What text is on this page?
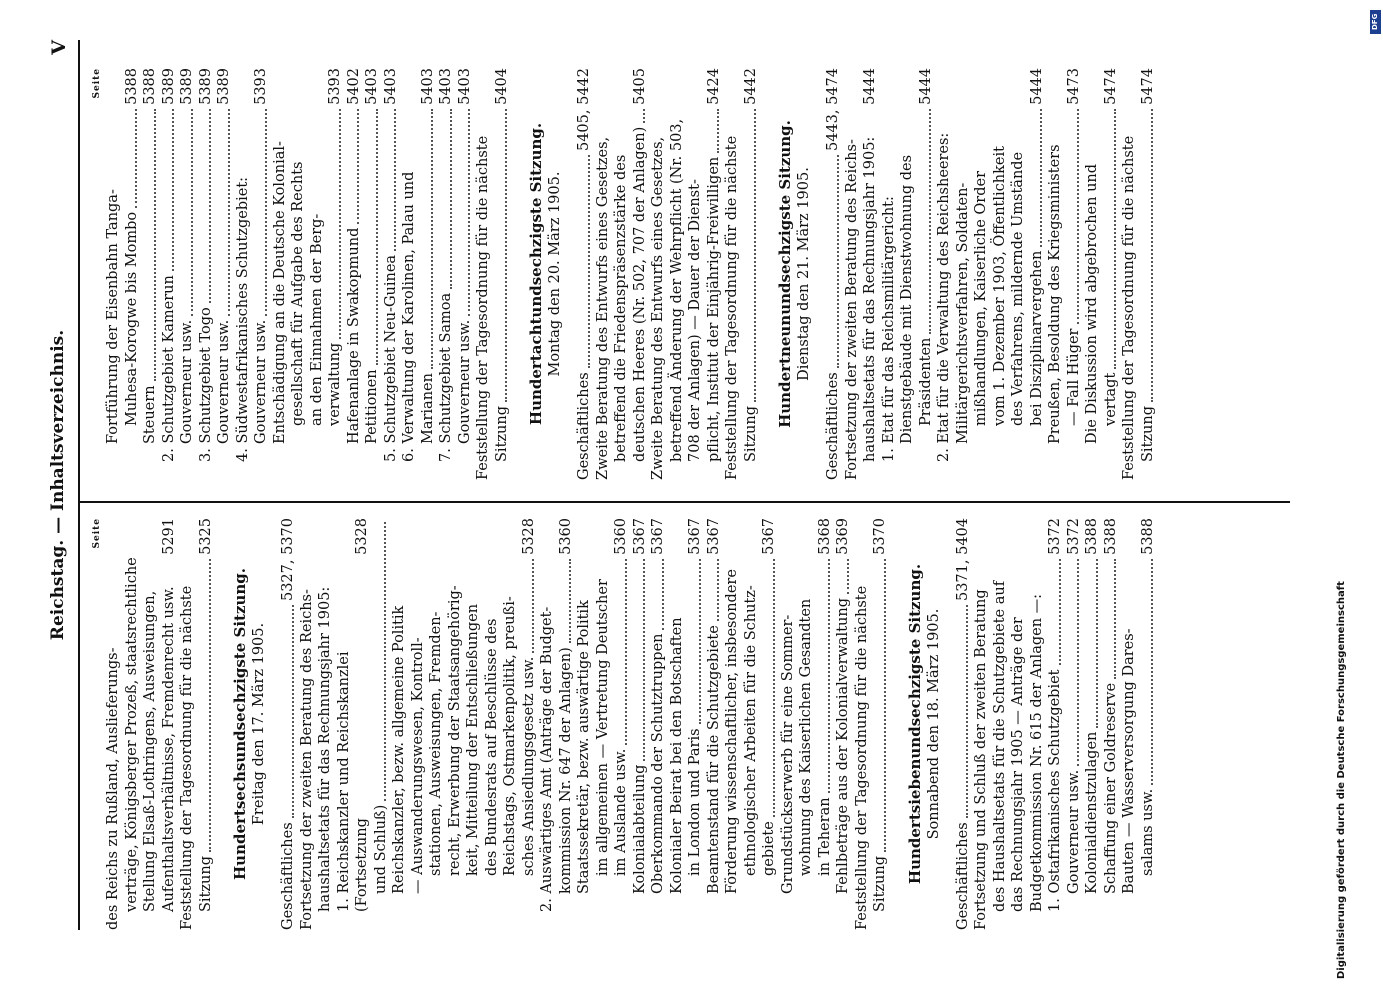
Reichstag. — Inhaltsverzeichnis.
V
Seite
des Reichs zu Rußland, Auslieferungs- verträge, Königsberger Prozeß, staatsrechtliche Stellung Elsaß-Lothringens, Ausweisungen, Aufenthaltsverhältnisse, Fremdenrecht usw.
5291
Feststellung der Tagesordnung für die nächste Sitzung
5325
Hundertsechsundsechzigste Sitzung. Freitag den 17. März 1905.
Geschäftliches
5327, 5370
Fortsetzung der zweiten Beratung des Reichs- haushaltsetats für das Rechnungsjahr 1905: 1. Reichskanzler und Reichskanzlei (Fortsetzung
5328
und Schluß) Reichskanzler, bezw. allgemeine Politik — Auswanderungswesen, Kontroll- stationen, Ausweisungen, Fremden- recht, Erwerbung der Staatsangehörig- keit, Mitteilung der Entschließungen des Bundesrats auf Beschlüsse des Reichstags, Ostmarkenpolitik, preußi- sches Ansiedlungsgesetz usw.
5328
2. Auswärtiges Amt (Anträge der Budget- kommission Nr. 647 der Anlagen)
5360
Staatssekretär, bezw. auswärtige Politik im allgemeinen — Vertretung Deutscher im Auslande usw.
5360
Kolonialabteilung
5367
Oberkommando der Schutztruppen
5367
Kolonialer Beirat bei den Botschaften in London und Paris
5367
Beamtenstand für die Schutzgebiete
5367
Förderung wissenschaftlicher, insbesondere ethnologischer Arbeiten für die Schutz- gebiete
5367
Grundstückserwerb für eine Sommer- wohnung des Kaiserlichen Gesandten in Teheran
5368
Fehlbeträge aus der Kolonialverwaltung
5369
Feststellung der Tagesordnung für die nächste Sitzung
5370
Hundertsiebenundsechzigste Sitzung. Sonnabend den 18. März 1905.
Geschäftliches
5371, 5404
Fortsetzung und Schluß der zweiten Beratung des Haushaltsetats für die Schutzgebiete auf das Rechnungsjahr 1905 — Anträge der Budgetkommission Nr. 615 der Anlagen —: 1. Ostafrikanisches Schutzgebiet
5372
Gouverneur usw.
5372
Kolonialdienstzulagen
5388
Schaffung einer Goldreserve
5388
Bauten — Wasserversorgung Dares- salams usw.
5388
Seite
Fortführung der Eisenbahn Tanga- Muhesa-Korogwe bis Mombo
5388
Steuern
5388
2. Schutzgebiet Kamerun
5389
Gouverneur usw.
5389
3. Schutzgebiet Togo
5389
Gouverneur usw.
5389
4. Südwestafrikanisches Schutzgebiet: Gouverneur usw.
5393
Entschädigung an die Deutsche Kolonial- gesellschaft für Aufgabe des Rechts an den Einnahmen der Berg- verwaltung
5393
Hafenanlage in Swakopmund
5402
Petitionen
5403
5. Schutzgebiet Neu-Guinea
5403
6. Verwaltung der Karolinen, Palau und Marianen
5403
7. Schutzgebiet Samoa
5403
Gouverneur usw.
5403
Feststellung der Tagesordnung für die nächste Sitzung
5404
Hundertachtundsechzigste Sitzung. Montag den 20. März 1905.
Geschäftliches
5405, 5442
Zweite Beratung des Entwurfs eines Gesetzes, betreffend die Friedenspräsenzstärke des deutschen Heeres (Nr. 502, 707 der Anlagen)
5405
Zweite Beratung des Entwurfs eines Gesetzes, betreffend Änderung der Wehrpflicht (Nr. 503, 708 der Anlagen) — Dauer der Dienst- pflicht, Institut der Einjährig-Freiwilligen
5424
Feststellung der Tagesordnung für die nächste Sitzung
5442
Hundertneunundsechzigste Sitzung. Dienstag den 21. März 1905.
Geschäftliches
5443, 5474
Fortsetzung der zweiten Beratung des Reichs- haushaltsetats für das Rechnungsjahr 1905:
5444
1. Etat für das Reichsmilitärgericht: Dienstgebäude mit Dienstwohnung des Präsidenten
5444
2. Etat für die Verwaltung des Reichsheeres: Militärgerichtsverfahren, Soldaten- mißhandlungen, Kaiserliche Order vom 1. Dezember 1903, Öffentlichkeit des Verfahrens, mildernde Umstände bei Disziplinarvergehen
5444
Preußen, Besoldung des Kriegsministers — Fall Hüger
5473
Die Diskussion wird abgebrochen und vertagt
5474
Feststellung der Tagesordnung für die nächste Sitzung
5474
Digitalisierung gefördert durch die Deutsche Forschungsgemeinschaft
DFG
